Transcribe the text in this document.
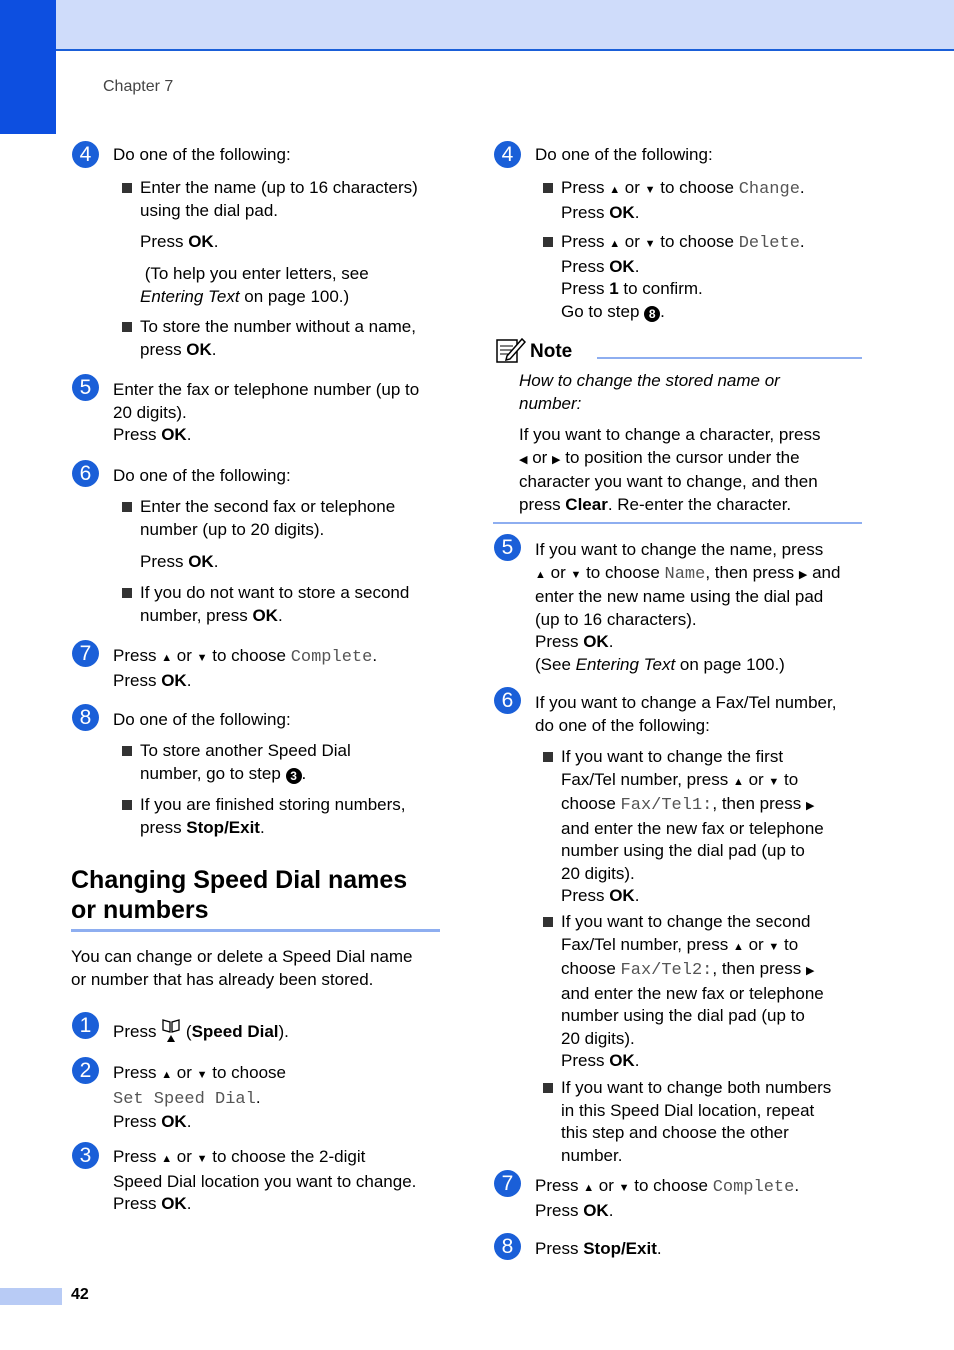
Chapter 7
4	Do one of the following:
Enter the name (up to 16 characters)
using the dial pad.
Press OK.
(To help you enter letters, see
Entering Text on page 100.)
To store the number without a name,
press OK.
5	Enter the fax or telephone number (up to
20 digits).
Press OK.
6	Do one of the following:
Enter the second fax or telephone
number (up to 20 digits).
Press OK.
If you do not want to store a second
number, press OK.
7	Press ▲ or ▼ to choose Complete.
Press OK.
8	Do one of the following:
To store another Speed Dial
number, go to step 3 .
If you are finished storing numbers,
press Stop/Exit.
Changing Speed Dial names
or numbers
You can change or delete a Speed Dial name
or number that has already been stored.
1	Press  (Speed Dial).
2	Press ▲ or ▼ to choose
Set Speed Dial.
Press OK.
3	Press ▲ or ▼ to choose the 2-digit
Speed Dial location you want to change.
Press OK.
4	Do one of the following:
Press ▲ or ▼ to choose Change.
Press OK.
Press ▲ or ▼ to choose Delete.
Press OK.
Press 1 to confirm.
Go to step 8 .
Note
How to change the stored name or
number:
If you want to change a character, press
◀ or ▶ to position the cursor under the
character you want to change, and then
press Clear. Re-enter the character.
5	If you want to change the name, press
▲ or ▼ to choose Name, then press ▶ and
enter the new name using the dial pad
(up to 16 characters).
Press OK.
(See Entering Text on page 100.)
6	If you want to change a Fax/Tel number,
do one of the following:
If you want to change the first
Fax/Tel number, press ▲ or ▼ to
choose Fax/Tel1:, then press ▶
and enter the new fax or telephone
number using the dial pad (up to
20 digits).
Press OK.
If you want to change the second
Fax/Tel number, press ▲ or ▼ to
choose Fax/Tel2:, then press ▶
and enter the new fax or telephone
number using the dial pad (up to
20 digits).
Press OK.
If you want to change both numbers
in this Speed Dial location, repeat
this step and choose the other
number.
7	Press ▲ or ▼ to choose Complete.
Press OK.
8	Press Stop/Exit.
42
